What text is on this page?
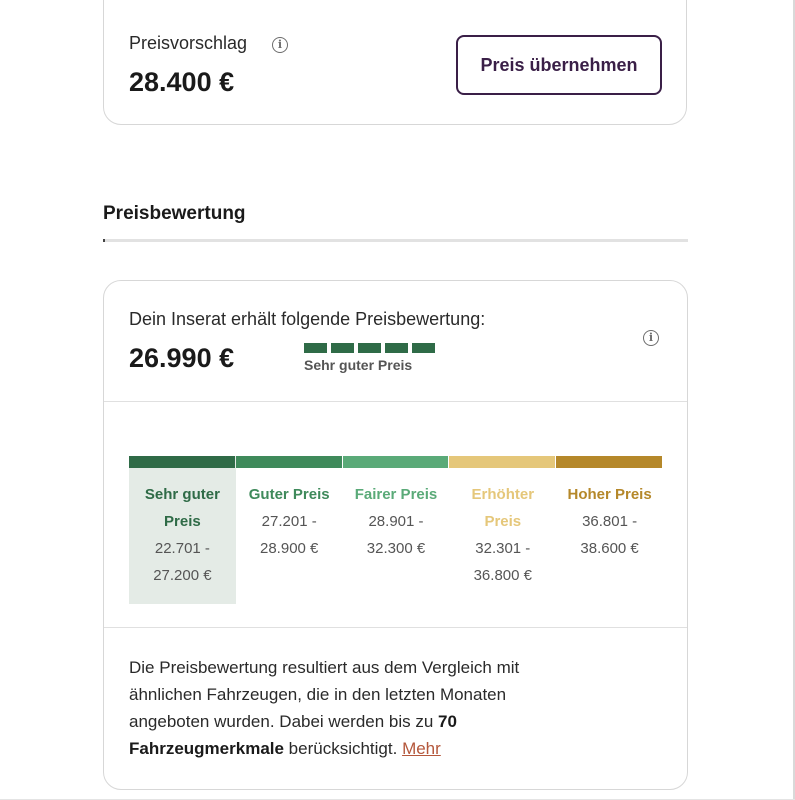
Preisvorschlag	i
28.400 €
Preis übernehmen
Preisbewertung
Dein Inserat erhält folgende Preisbewertung:
26.990 €	Sehr guter Preis
i
Sehr guter Preis
22.701 -
27.200 €
Guter Preis
27.201 -
28.900 €
Fairer Preis
28.901 -
32.300 €
Erhöhter Preis
32.301 -
36.800 €
Hoher Preis
36.801 -
38.600 €
Die Preisbewertung resultiert aus dem Vergleich mit ähnlichen Fahrzeugen, die in den letzten Monaten angeboten wurden. Dabei werden bis zu 70 Fahrzeugmerkmale berücksichtigt. Mehr
